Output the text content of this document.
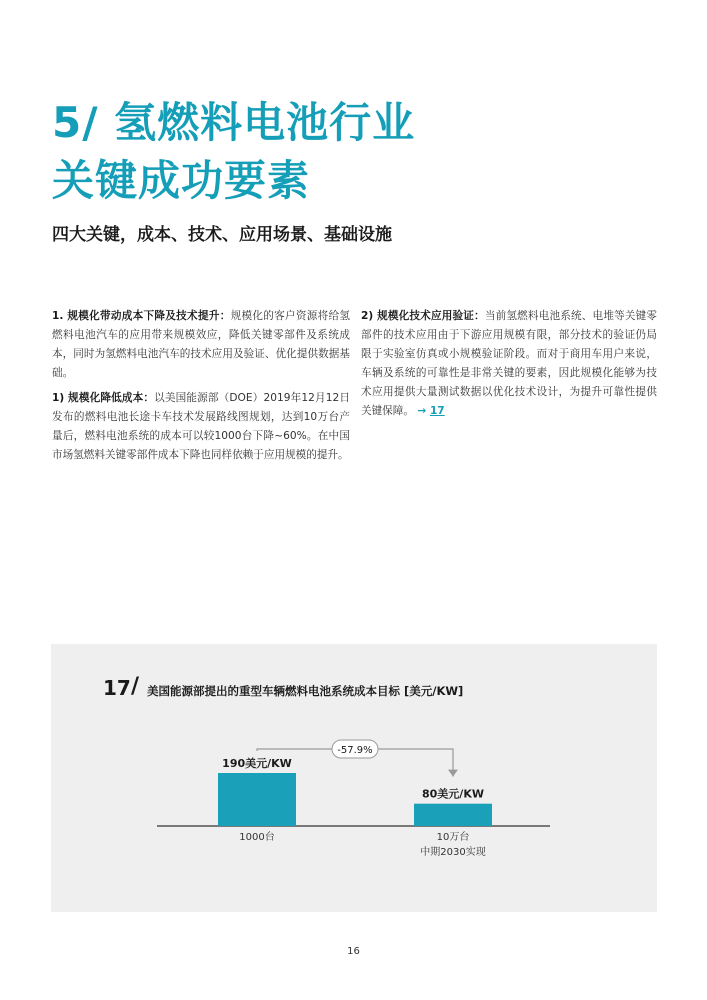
5/ 氢燃料电池行业
关键成功要素
四大关键，成本、技术、应用场景、基础设施

1. 规模化带动成本下降及技术提升：规模化的客户资源将给氢燃料电池汽车的应用带来规模效应，降低关键零部件及系统成本，同时为氢燃料电池汽车的技术应用及验证、优化提供数据基础。

1) 规模化降低成本：以美国能源部（DOE）2019年12月12日发布的燃料电池长途卡车技术发展路线图规划，达到10万台产量后，燃料电池系统的成本可以较1000台下降~60%。在中国市场氢燃料关键零部件成本下降也同样依赖于应用规模的提升。

2) 规模化技术应用验证：当前氢燃料电池系统、电堆等关键零部件的技术应用由于下游应用规模有限，部分技术的验证仍局限于实验室仿真或小规模验证阶段。而对于商用车用户来说，车辆及系统的可靠性是非常关键的要素，因此规模化能够为技术应用提供大量测试数据以优化技术设计，为提升可靠性提供关键保障。 → 17

17 / 美国能源部提出的重型车辆燃料电池系统成本目标 [美元/KW]
190美元/KW
1000台
80美元/KW
10万台
中期2030实现
-57.9%
16
